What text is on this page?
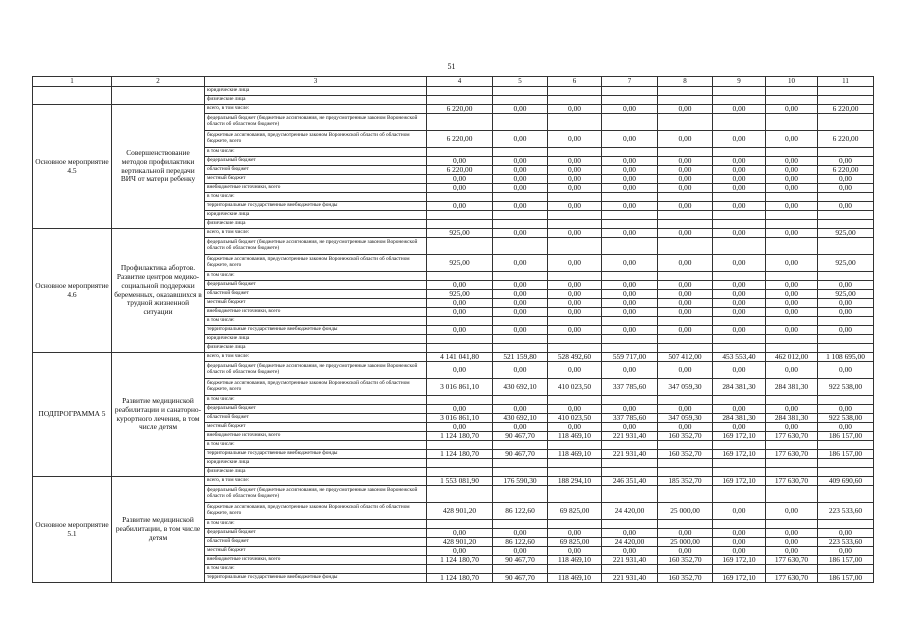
51
1	2	3	4	5	6	7	8	9	10	11
		юридические лица								
		физические лица								
Основное мероприятие 4.5	Совершенствование методов профилактики вертикальной передачи ВИЧ от матери ребенку	всего, в том числе:	6 220,00	0,00	0,00	0,00	0,00	0,00	0,00	6 220,00
		федеральный бюджет (бюджетные ассигнования, не предусмотренные законом Воронежской области об областном бюджете)								
		бюджетные ассигнования, предусмотренные законом Воронежской области об областном бюджете, всего	6 220,00	0,00	0,00	0,00	0,00	0,00	0,00	6 220,00
		в том числе:								
		федеральный бюджет	0,00	0,00	0,00	0,00	0,00	0,00	0,00	0,00
		областной бюджет	6 220,00	0,00	0,00	0,00	0,00	0,00	0,00	6 220,00
		местный бюджет	0,00	0,00	0,00	0,00	0,00	0,00	0,00	0,00
		внебюджетные источники, всего	0,00	0,00	0,00	0,00	0,00	0,00	0,00	0,00
		в том числе:								
		территориальные государственные внебюджетные фонды	0,00	0,00	0,00	0,00	0,00	0,00	0,00	0,00
		юридические лица								
		физические лица								
Основное мероприятие 4.6	Профилактика абортов. Развитие центров медико-социальной поддержки беременных, оказавшихся в трудной жизненной ситуации	всего, в том числе:	925,00	0,00	0,00	0,00	0,00	0,00	0,00	925,00
		федеральный бюджет (бюджетные ассигнования, не предусмотренные законом Воронежской области об областном бюджете)								
		бюджетные ассигнования, предусмотренные законом Воронежской области об областном бюджете, всего	925,00	0,00	0,00	0,00	0,00	0,00	0,00	925,00
		в том числе:								
		федеральный бюджет	0,00	0,00	0,00	0,00	0,00	0,00	0,00	0,00
		областной бюджет	925,00	0,00	0,00	0,00	0,00	0,00	0,00	925,00
		местный бюджет	0,00	0,00	0,00	0,00	0,00	0,00	0,00	0,00
		внебюджетные источники, всего	0,00	0,00	0,00	0,00	0,00	0,00	0,00	0,00
		в том числе:								
		территориальные государственные внебюджетные фонды	0,00	0,00	0,00	0,00	0,00	0,00	0,00	0,00
		юридические лица								
		физические лица								
ПОДПРОГРАММА 5	Развитие медицинской реабилитации и санаторно-курортного лечения, в том числе детям	всего, в том числе:	4 141 041,80	521 159,80	528 492,60	559 717,00	507 412,00	453 553,40	462 012,00	1 108 695,00
		федеральный бюджет (бюджетные ассигнования, не предусмотренные законом Воронежской области об областном бюджете)	0,00	0,00	0,00	0,00	0,00	0,00	0,00	0,00
		бюджетные ассигнования, предусмотренные законом Воронежской области об областном бюджете, всего	3 016 861,10	430 692,10	410 023,50	337 785,60	347 059,30	284 381,30	284 381,30	922 538,00
		в том числе:								
		федеральный бюджет	0,00	0,00	0,00	0,00	0,00	0,00	0,00	0,00
		областной бюджет	3 016 861,10	430 692,10	410 023,50	337 785,60	347 059,30	284 381,30	284 381,30	922 538,00
		местный бюджет	0,00	0,00	0,00	0,00	0,00	0,00	0,00	0,00
		внебюджетные источники, всего	1 124 180,70	90 467,70	118 469,10	221 931,40	160 352,70	169 172,10	177 630,70	186 157,00
		в том числе:								
		территориальные государственные внебюджетные фонды	1 124 180,70	90 467,70	118 469,10	221 931,40	160 352,70	169 172,10	177 630,70	186 157,00
		юридические лица								
		физические лица								
Основное мероприятие 5.1	Развитие медицинской реабилитации, в том числе детям	всего, в том числе:	1 553 081,90	176 590,30	188 294,10	246 351,40	185 352,70	169 172,10	177 630,70	409 690,60
		федеральный бюджет (бюджетные ассигнования, не предусмотренные законом Воронежской области об областном бюджете)								
		бюджетные ассигнования, предусмотренные законом Воронежской области об областном бюджете, всего	428 901,20	86 122,60	69 825,00	24 420,00	25 000,00	0,00	0,00	223 533,60
		в том числе:								
		федеральный бюджет	0,00	0,00	0,00	0,00	0,00	0,00	0,00	0,00
		областной бюджет	428 901,20	86 122,60	69 825,00	24 420,00	25 000,00	0,00	0,00	223 533,60
		местный бюджет	0,00	0,00	0,00	0,00	0,00	0,00	0,00	0,00
		внебюджетные источники, всего	1 124 180,70	90 467,70	118 469,10	221 931,40	160 352,70	169 172,10	177 630,70	186 157,00
		в том числе:								
		территориальные государственные внебюджетные фонды	1 124 180,70	90 467,70	118 469,10	221 931,40	160 352,70	169 172,10	177 630,70	186 157,00
